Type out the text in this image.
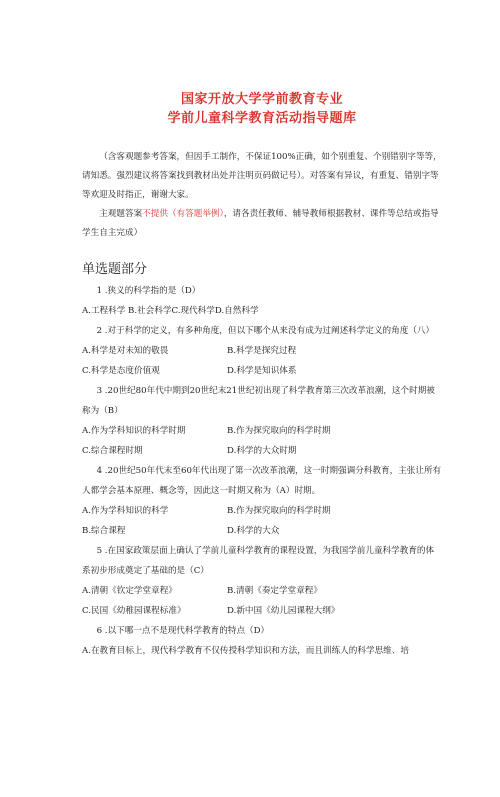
国家开放大学学前教育专业
学前儿童科学教育活动指导题库

（含客观题参考答案，但因手工制作，不保证100%正确，如个别重复、个别错别字等等，请知悉。强烈建议将答案找到教材出处并注明页码做记号）。对答案有异议，有重复、错别字等等欢迎及时指正，谢谢大家。

主观题答案不提供（有答题举例），请各责任教师、辅导教师根据教材、课件等总结或指导学生自主完成）

单选题部分

1 .狭义的科学指的是（D）

A.工程科学 B.社会科学C.现代科学D.自然科学

2 .对于科学的定义，有多种角度，但以下哪个从来没有成为过阐述科学定义的角度（八）

A.科学是对未知的敬畏	B.科学是探究过程
C.科学是态度价值观	D.科学是知识体系

3 .20世纪80年代中期到20世纪末21世纪初出现了科学教育第三次改革浪潮，这个时期被称为（B）

A.作为学科知识的科学时期	B.作为探究取向的科学时期
C.综合课程时期	D.科学的大众时期

4 .20世纪50年代末至60年代出现了第一次改革浪潮，这一时期强调分科教育，主张让所有人都学会基本原理、概念等，因此这一时期又称为（A）时期。

A.作为学科知识的科学	B.作为探究取向的科学时期
B.综合课程	D.科学的大众

5 .在国家政策层面上确认了学前儿童科学教育的课程设置，为我国学前儿童科学教育的体系初步形成奠定了基础的是（C）

A.清朝《钦定学堂章程》	B.清朝《奏定学堂章程》
C.民国《幼稚园课程标准》	D.新中国《幼儿园课程大纲》

6 .以下哪一点不是现代科学教育的特点（D）

A.在教育目标上，现代科学教育不仅传授科学知识和方法，而且训练人的科学思维、培
